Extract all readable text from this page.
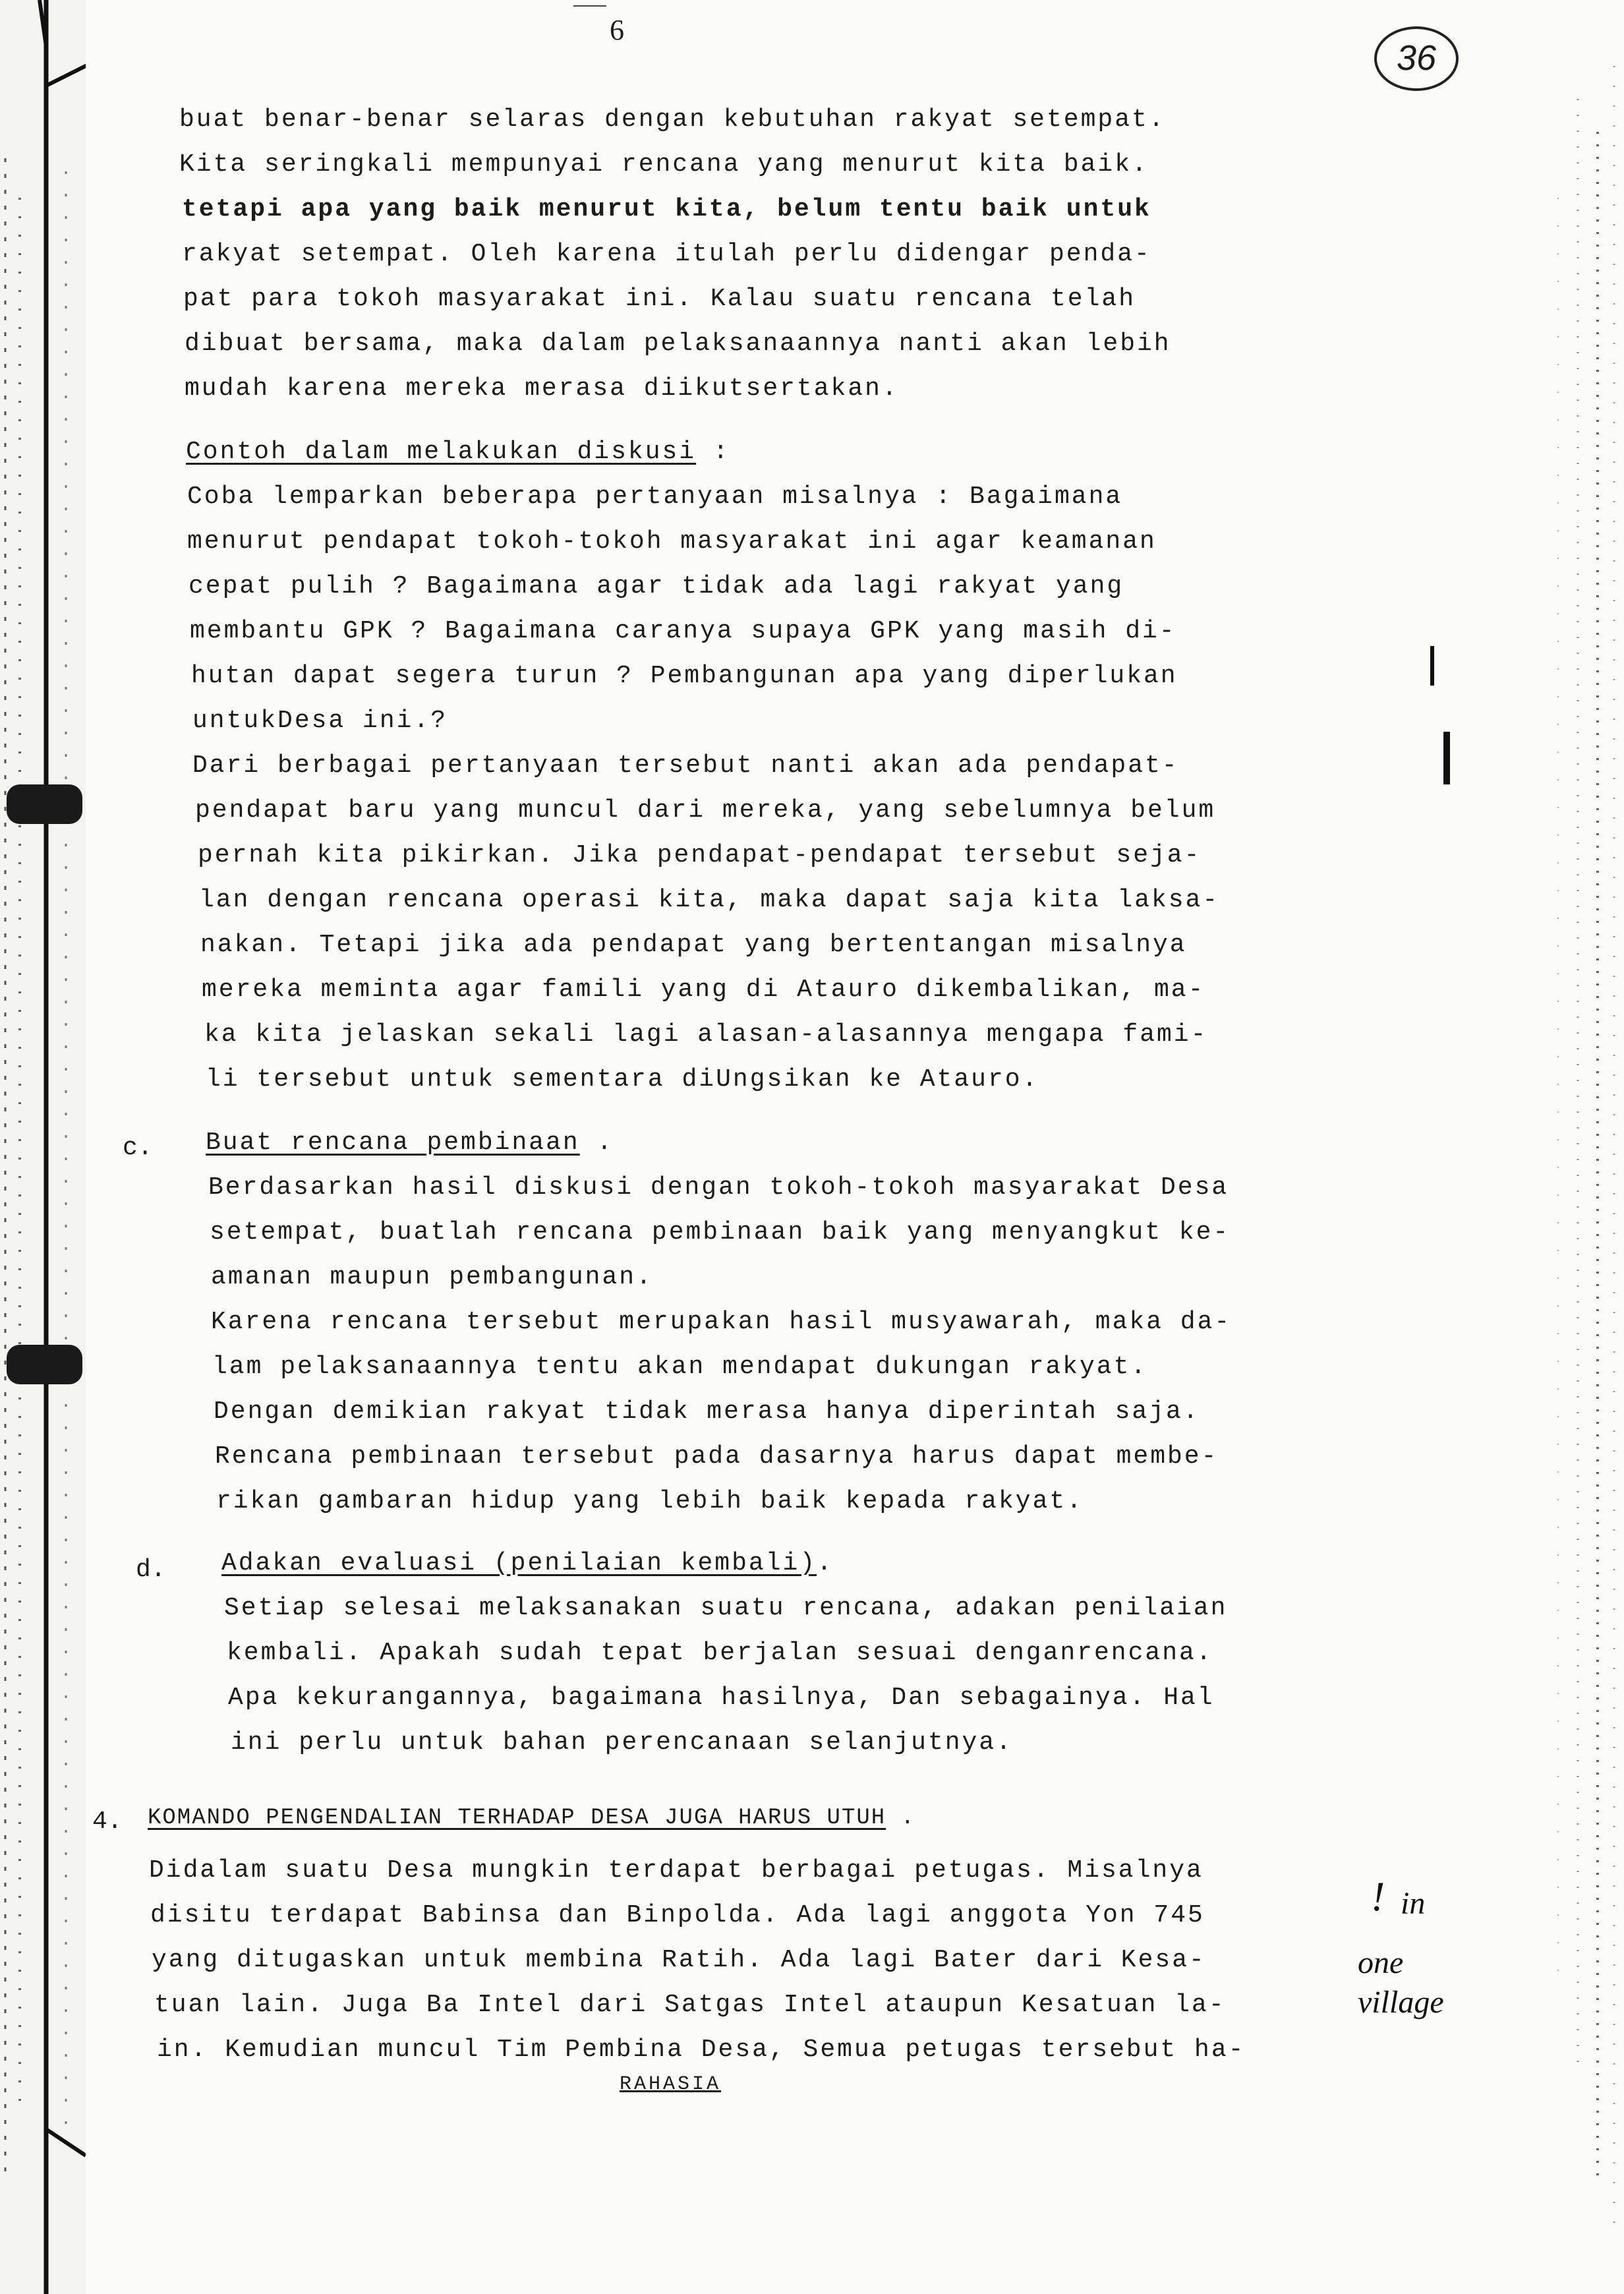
6
36
buat benar-benar selaras dengan kebutuhan rakyat setempat.
Kita seringkali mempunyai rencana yang menurut kita baik.
tetapi apa yang baik menurut kita, belum tentu baik untuk
rakyat setempat. Oleh karena itulah perlu didengar penda-
pat para tokoh masyarakat ini. Kalau suatu rencana telah
dibuat bersama, maka dalam pelaksanaannya nanti akan lebih
mudah karena mereka merasa diikutsertakan.
Contoh dalam melakukan diskusi :
Coba lemparkan beberapa pertanyaan misalnya : Bagaimana
menurut pendapat tokoh-tokoh masyarakat ini agar keamanan
cepat pulih ? Bagaimana agar tidak ada lagi rakyat yang
membantu GPK ? Bagaimana caranya supaya GPK yang masih di-
hutan dapat segera turun ? Pembangunan apa yang diperlukan
untukDesa ini.?
Dari berbagai pertanyaan tersebut nanti akan ada pendapat-
pendapat baru yang muncul dari mereka, yang sebelumnya belum
pernah kita pikirkan. Jika pendapat-pendapat tersebut seja-
lan dengan rencana operasi kita, maka dapat saja kita laksa-
nakan. Tetapi jika ada pendapat yang bertentangan misalnya
mereka meminta agar famili yang di Atauro dikembalikan, ma-
ka kita jelaskan sekali lagi alasan-alasannya mengapa fami-
li tersebut untuk sementara diUngsikan ke Atauro.
c. Buat rencana pembinaan .
Berdasarkan hasil diskusi dengan tokoh-tokoh masyarakat Desa
setempat, buatlah rencana pembinaan baik yang menyangkut ke-
amanan maupun pembangunan.
Karena rencana tersebut merupakan hasil musyawarah, maka da-
lam pelaksanaannya tentu akan mendapat dukungan rakyat.
Dengan demikian rakyat tidak merasa hanya diperintah saja.
Rencana pembinaan tersebut pada dasarnya harus dapat membe-
rikan gambaran hidup yang lebih baik kepada rakyat.
d. Adakan evaluasi (penilaian kembali).
Setiap selesai melaksanakan suatu rencana, adakan penilaian
kembali. Apakah sudah tepat berjalan sesuai denganrencana.
Apa kekurangannya, bagaimana hasilnya, Dan sebagainya. Hal
ini perlu untuk bahan perencanaan selanjutnya.
4. KOMANDO PENGENDALIAN TERHADAP DESA JUGA HARUS UTUH .
Didalam suatu Desa mungkin terdapat berbagai petugas. Misalnya
disitu terdapat Babinsa dan Binpolda. Ada lagi anggota Yon 745
yang ditugaskan untuk membina Ratih. Ada lagi Bater dari Kesa-
tuan lain. Juga Ba Intel dari Satgas Intel ataupun Kesatuan la-
in. Kemudian muncul Tim Pembina Desa, Semua petugas tersebut ha-
RAHASIA
! in
one
village
